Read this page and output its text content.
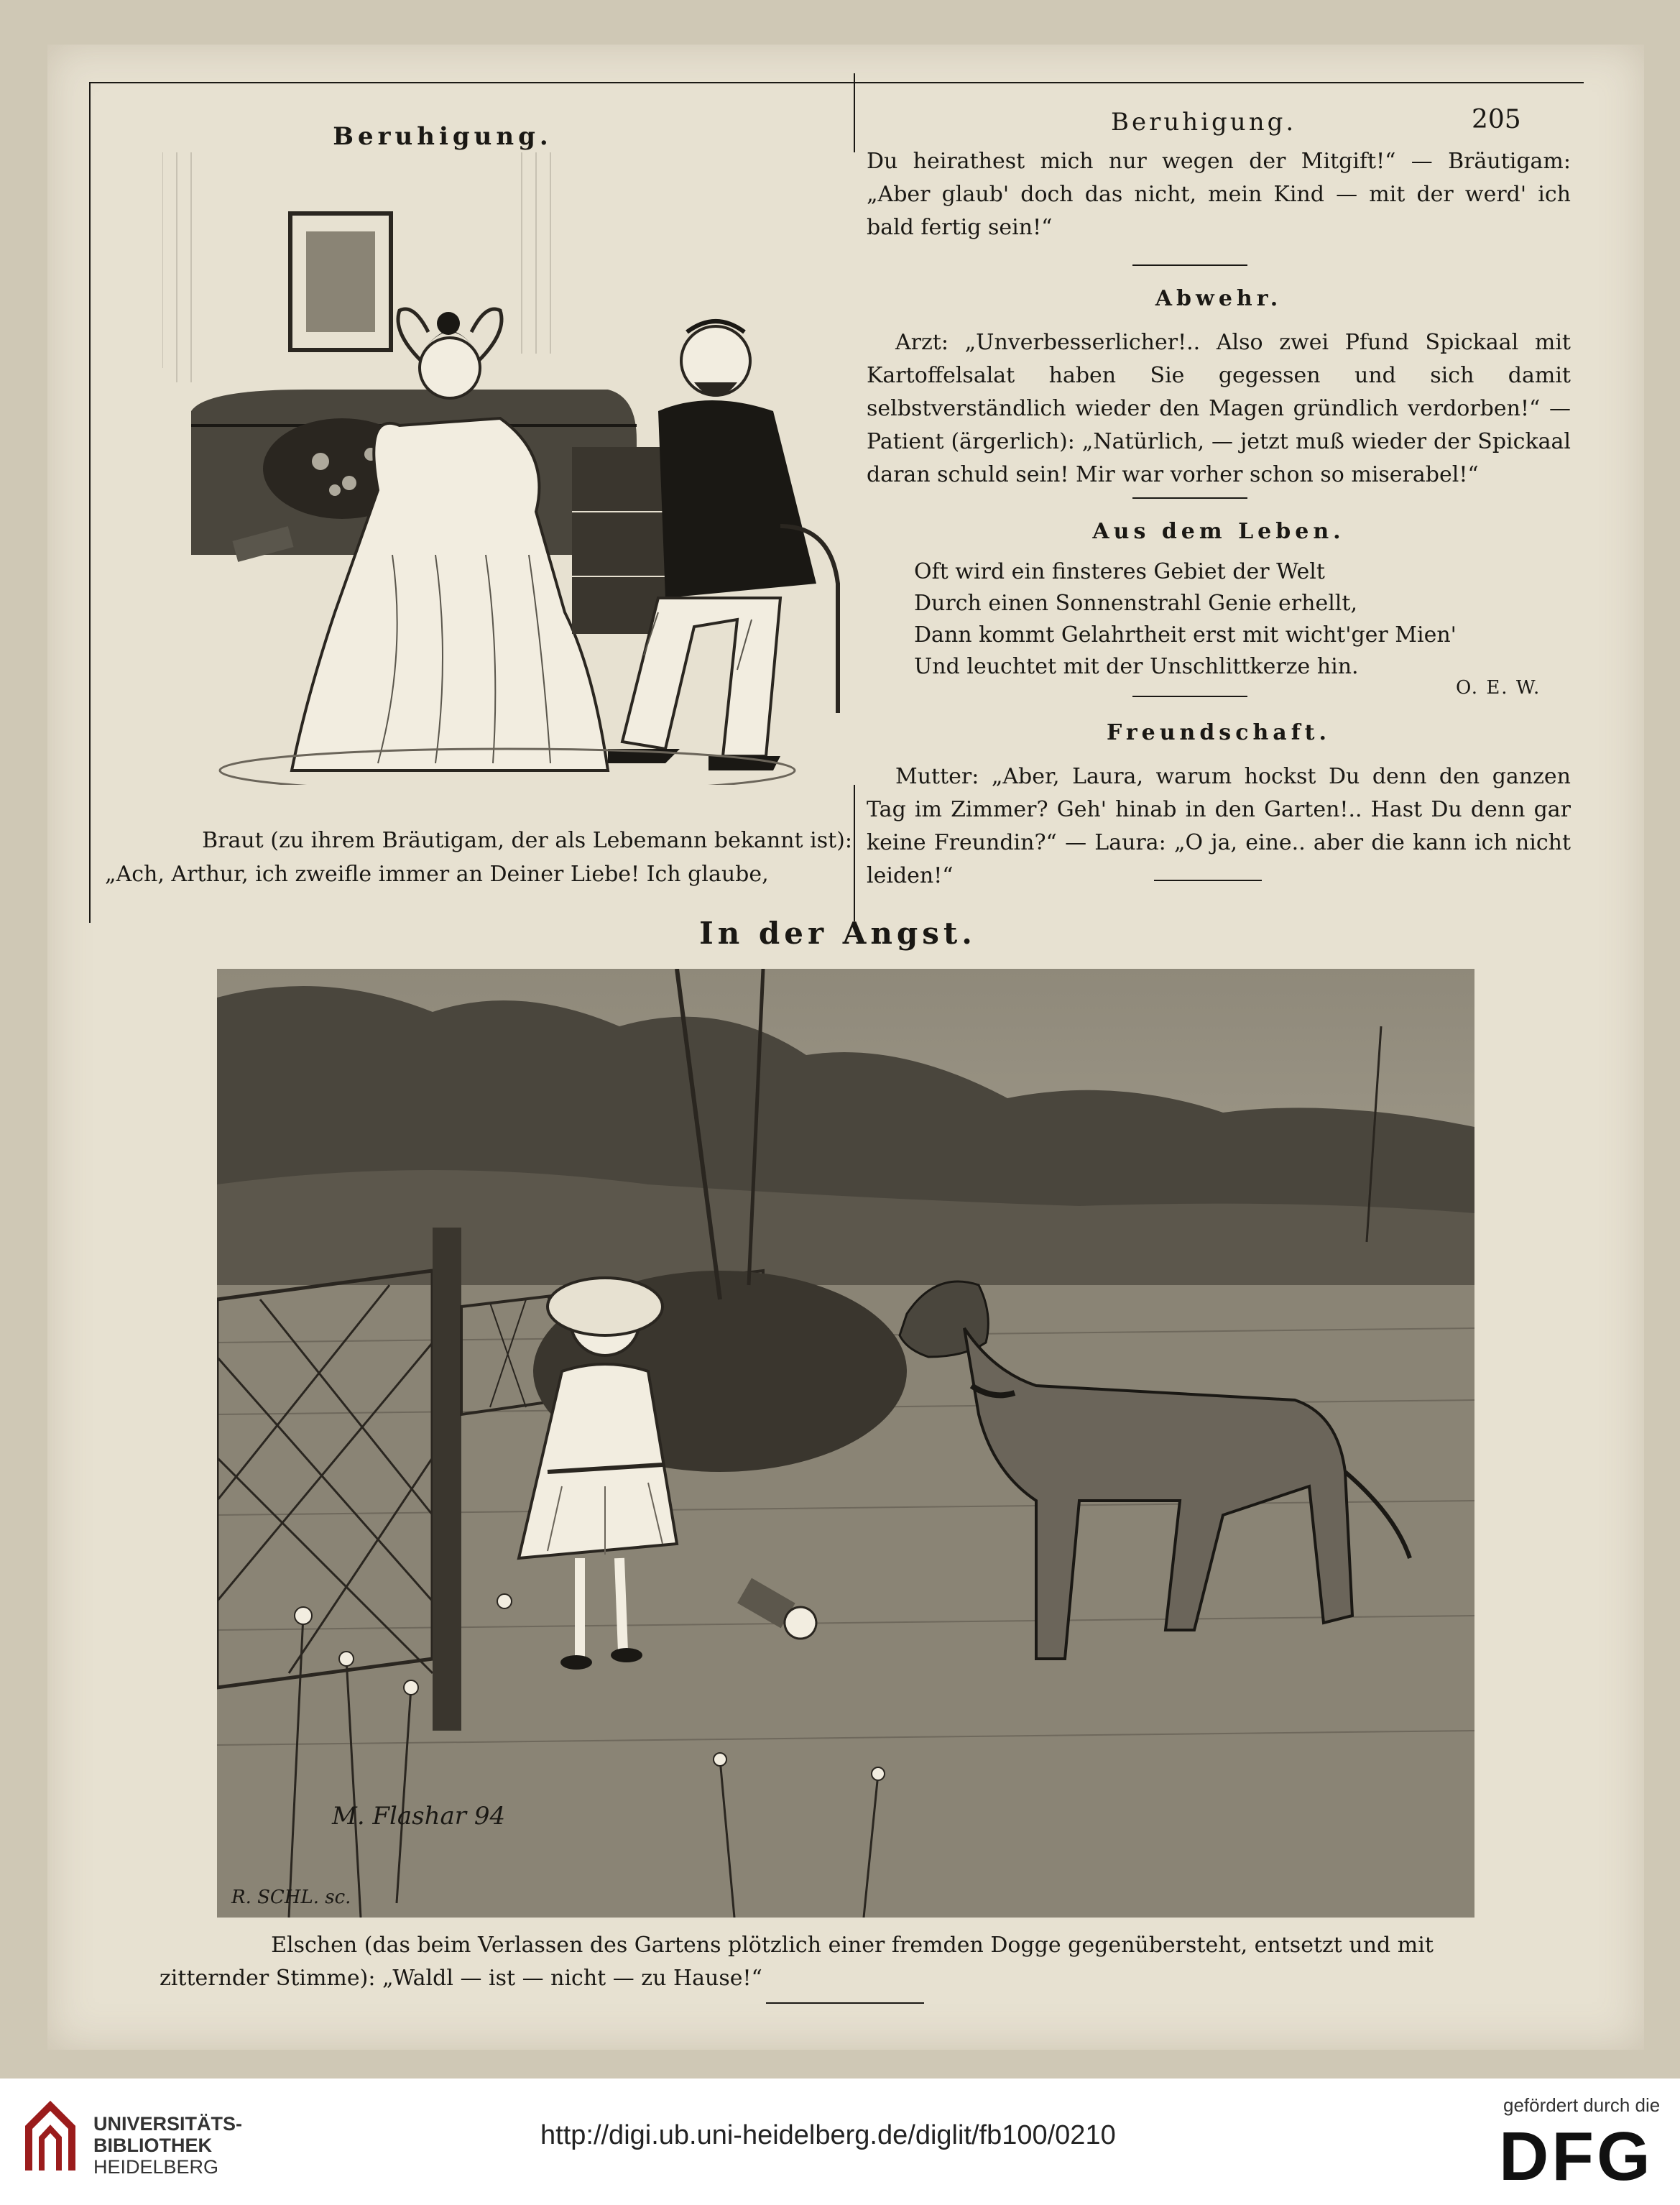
Beruhigung.
Braut (zu ihrem Bräutigam, der als Lebemann bekannt ist):
„Ach, Arthur, ich zweifle immer an Deiner Liebe! Ich glaube,
Beruhigung.	205

Du heirathest mich nur wegen der Mitgift!“ — Bräutigam: „Aber glaub' doch das nicht, mein Kind — mit der werd' ich bald fertig sein!“

Abwehr.

Arzt: „Unverbesserlicher!.. Also zwei Pfund Spickaal mit Kartoffelsalat haben Sie gegessen und sich damit selbstverständlich wieder den Magen gründlich verdorben!“ — Patient (ärgerlich): „Natürlich, — jetzt muß wieder der Spickaal daran schuld sein! Mir war vorher schon so miserabel!“

Aus dem Leben.
Oft wird ein finsteres Gebiet der Welt
Durch einen Sonnenstrahl Genie erhellt,
Dann kommt Gelahrtheit erst mit wicht'ger Mien'
Und leuchtet mit der Unschlittkerze hin.
O. E. W.
Freundschaft.

Mutter: „Aber, Laura, warum hockst Du denn den ganzen Tag im Zimmer? Geh' hinab in den Garten!.. Hast Du denn gar keine Freundin?“ — Laura: „O ja, eine.. aber die kann ich nicht leiden!“

In der Angst.
M. Flashar 94
R. SCHL. sc.
Elschen (das beim Verlassen des Gartens plötzlich einer fremden Dogge gegenübersteht, entsetzt und mit
zitternder Stimme): „Waldl — ist — nicht — zu Hause!“
UNIVERSITÄTS-
BIBLIOTHEK
HEIDELBERG
http://digi.ub.uni-heidelberg.de/diglit/fb100/0210
gefördert durch die
DFG
